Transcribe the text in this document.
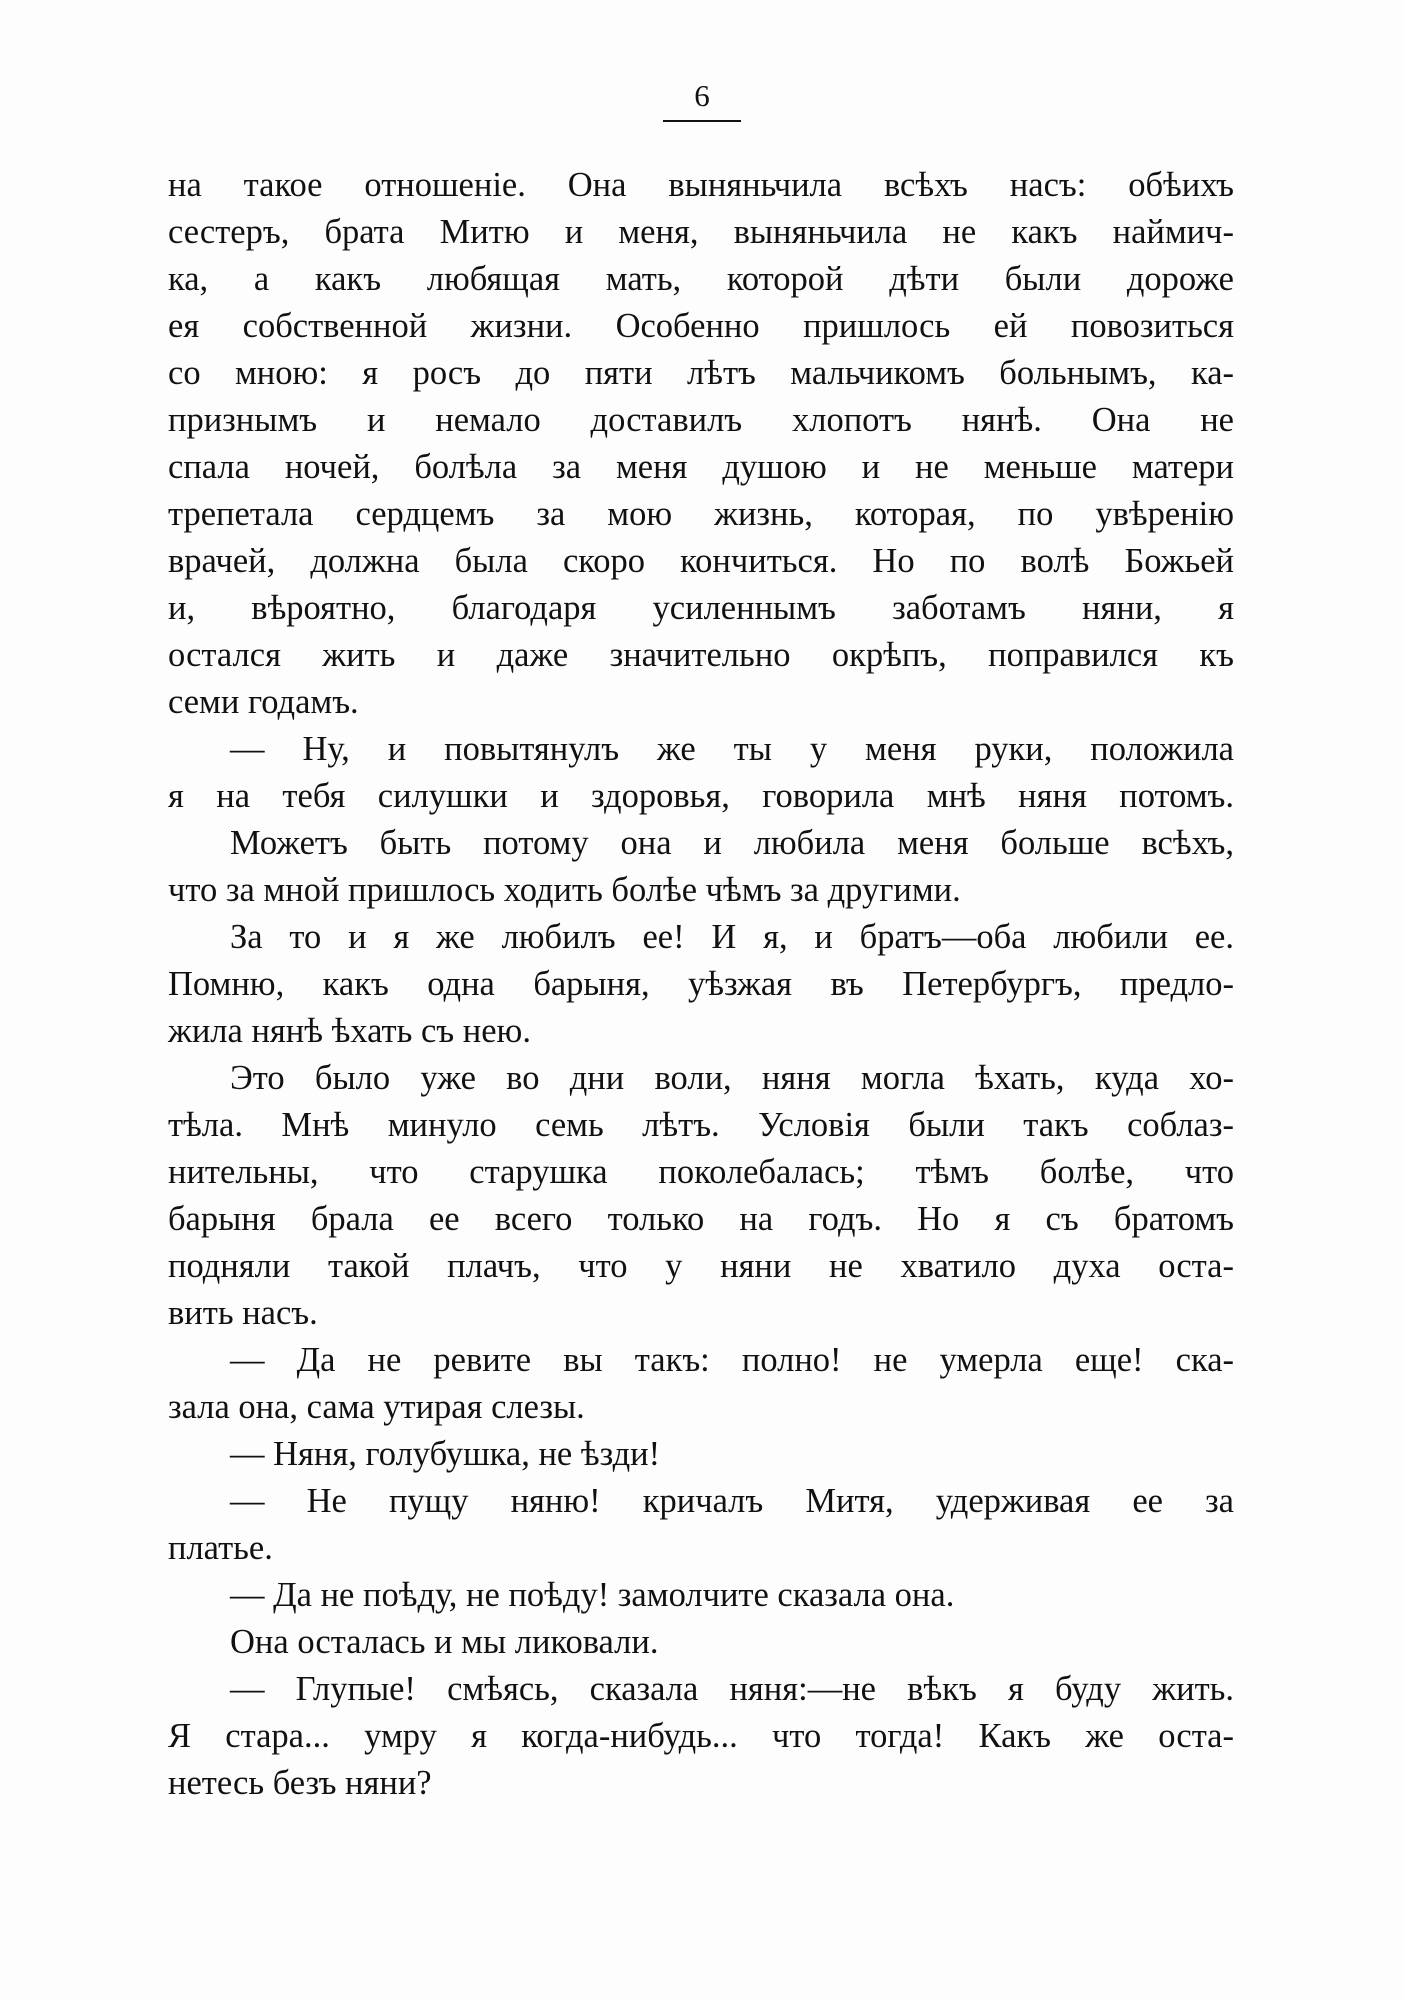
6
на такое отношеніе. Она выняньчила всѣхъ насъ: обѣихъ
сестеръ, брата Митю и меня, выняньчила не какъ наймич-
ка, а какъ любящая мать, которой дѣти были дороже
ея собственной жизни. Особенно пришлось ей повозиться
со мною: я росъ до пяти лѣтъ мальчикомъ больнымъ, ка-
признымъ и немало доставилъ хлопотъ нянѣ. Она не
спала ночей, болѣла за меня душою и не меньше матери
трепетала сердцемъ за мою жизнь, которая, по увѣренію
врачей, должна была скоро кончиться. Но по волѣ Божьей
и, вѣроятно, благодаря усиленнымъ заботамъ няни, я
остался жить и даже значительно окрѣпъ, поправился къ
семи годамъ.
— Ну, и повытянулъ же ты у меня руки, положила
я на тебя силушки и здоровья, говорила мнѣ няня потомъ.
Можетъ быть потому она и любила меня больше всѣхъ,
что за мной пришлось ходить болѣе чѣмъ за другими.
За то и я же любилъ ее! И я, и братъ—оба любили ее.
Помню, какъ одна барыня, уѣзжая въ Петербургъ, предло-
жила нянѣ ѣхать съ нею.
Это было уже во дни воли, няня могла ѣхать, куда хо-
тѣла. Мнѣ минуло семь лѣтъ. Условія были такъ соблаз-
нительны, что старушка поколебалась; тѣмъ болѣе, что
барыня брала ее всего только на годъ. Но я съ братомъ
подняли такой плачъ, что у няни не хватило духа оста-
вить насъ.
— Да не ревите вы такъ: полно! не умерла еще! ска-
зала она, сама утирая слезы.
— Няня, голубушка, не ѣзди!
— Не пущу няню! кричалъ Митя, удерживая ее за
платье.
— Да не поѣду, не поѣду! замолчите сказала она.
Она осталась и мы ликовали.
— Глупые! смѣясь, сказала няня:—не вѣкъ я буду жить.
Я стара... умру я когда-нибудь... что тогда! Какъ же оста-
нетесь безъ няни?
